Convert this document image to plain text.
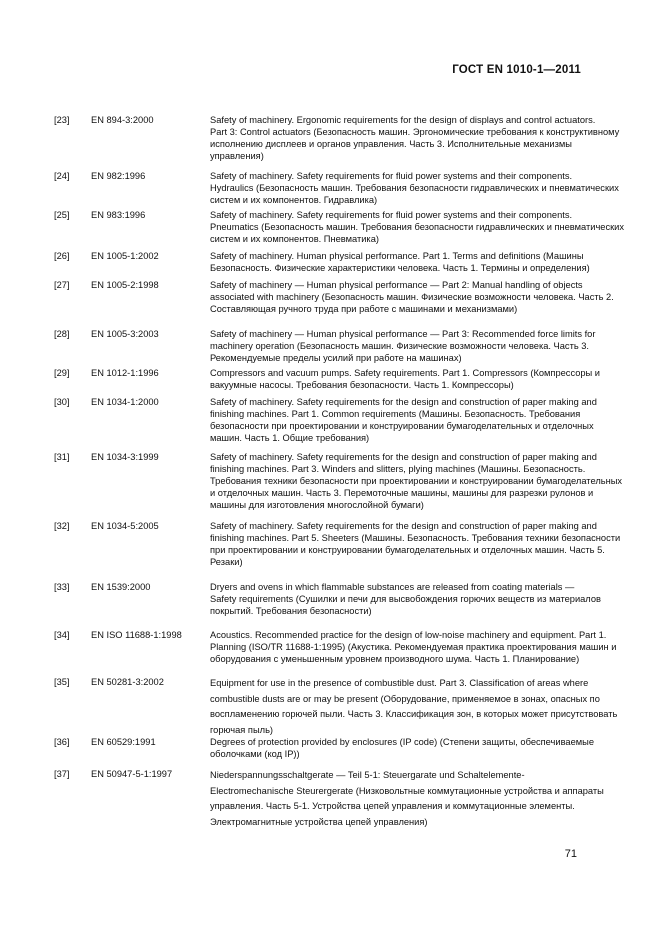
ГОСТ EN 1010-1—2011
[23]	EN 894-3:2000	Safety of machinery. Ergonomic requirements for the design of displays and control actuators.
Part 3: Control actuators (Безопасность машин. Эргономические требования к конструктивному
исполнению дисплеев и органов управления. Часть 3. Исполнительные механизмы
управления)
[24]	EN 982:1996	Safety of machinery. Safety requirements for fluid power systems and their components.
Hydraulics (Безопасность машин. Требования безопасности гидравлических и пневматических
систем и их компонентов. Гидравлика)
[25]	EN 983:1996	Safety of machinery. Safety requirements for fluid power systems and their components.
Pneumatics (Безопасность машин. Требования безопасности гидравлических и пневматических
систем и их компонентов. Пневматика)
[26]	EN 1005-1:2002	Safety of machinery. Human physical performance. Part 1. Terms and definitions (Машины
Безопасность. Физические характеристики человека. Часть 1. Термины и определения)
[27]	EN 1005-2:1998	Safety of machinery — Human physical performance — Part 2: Manual handling of objects
associated with machinery (Безопасность машин. Физические возможности человека. Часть 2.
Составляющая ручного труда при работе с машинами и механизмами)
[28]	EN 1005-3:2003	Safety of machinery — Human physical performance — Part 3: Recommended force limits for
machinery operation (Безопасность машин. Физические возможности человека. Часть 3.
Рекомендуемые пределы усилий при работе на машинах)
[29]	EN 1012-1:1996	Compressors and vacuum pumps. Safety requirements. Part 1. Compressors (Компрессоры и
вакуумные насосы. Требования безопасности. Часть 1. Компрессоры)
[30]	EN 1034-1:2000	Safety of machinery. Safety requirements for the design and construction of paper making and
finishing machines. Part 1. Common requirements (Машины. Безопасность. Требования
безопасности при проектировании и конструировании бумагоделательных и отделочных
машин. Часть 1. Общие требования)
[31]	EN 1034-3:1999	Safety of machinery. Safety requirements for the design and construction of paper making and
finishing machines. Part 3. Winders and slitters, plying machines (Машины. Безопасность.
Требования техники безопасности при проектировании и конструировании бумагоделательных
и отделочных машин. Часть 3. Перемоточные машины, машины для разрезки рулонов и
машины для изготовления многослойной бумаги)
[32]	EN 1034-5:2005	Safety of machinery. Safety requirements for the design and construction of paper making and
finishing machines. Part 5. Sheeters (Машины. Безопасность. Требования техники безопасности
при проектировании и конструировании бумагоделательных и отделочных машин. Часть 5.
Резаки)
[33]	EN 1539:2000	Dryers and ovens in which flammable substances are released from coating materials —
Safety requirements (Сушилки и печи для высвобождения горючих веществ из материалов
покрытий. Требования безопасности)
[34]	EN ISO 11688-1:1998	Acoustics. Recommended practice for the design of low-noise machinery and equipment. Part 1.
Planning (ISO/TR 11688-1:1995) (Акустика. Рекомендуемая практика проектирования машин и
оборудования с уменьшенным уровнем производного шума. Часть 1. Планирование)
[35]	EN 50281-3:2002	Equipment for use in the presence of combustible dust. Part 3. Classification of areas where
combustible dusts are or may be present (Оборудование, применяемое в зонах, опасных по
воспламенению горючей пыли. Часть 3. Классификация зон, в которых может присутствовать
горючая пыль)
[36]	EN 60529:1991	Degrees of protection provided by enclosures (IP code) (Степени защиты, обеспечиваемые
оболочками (код IP))
[37]	EN 50947-5-1:1997	Niederspannungsschaltgerate — Teil 5-1: Steuergarate und Schaltelemente-
Electromechanische Steurergerate (Низковольтные коммутационные устройства и аппараты
управления. Часть 5-1. Устройства цепей управления и коммутационные элементы.
Электромагнитные устройства цепей управления)
71
